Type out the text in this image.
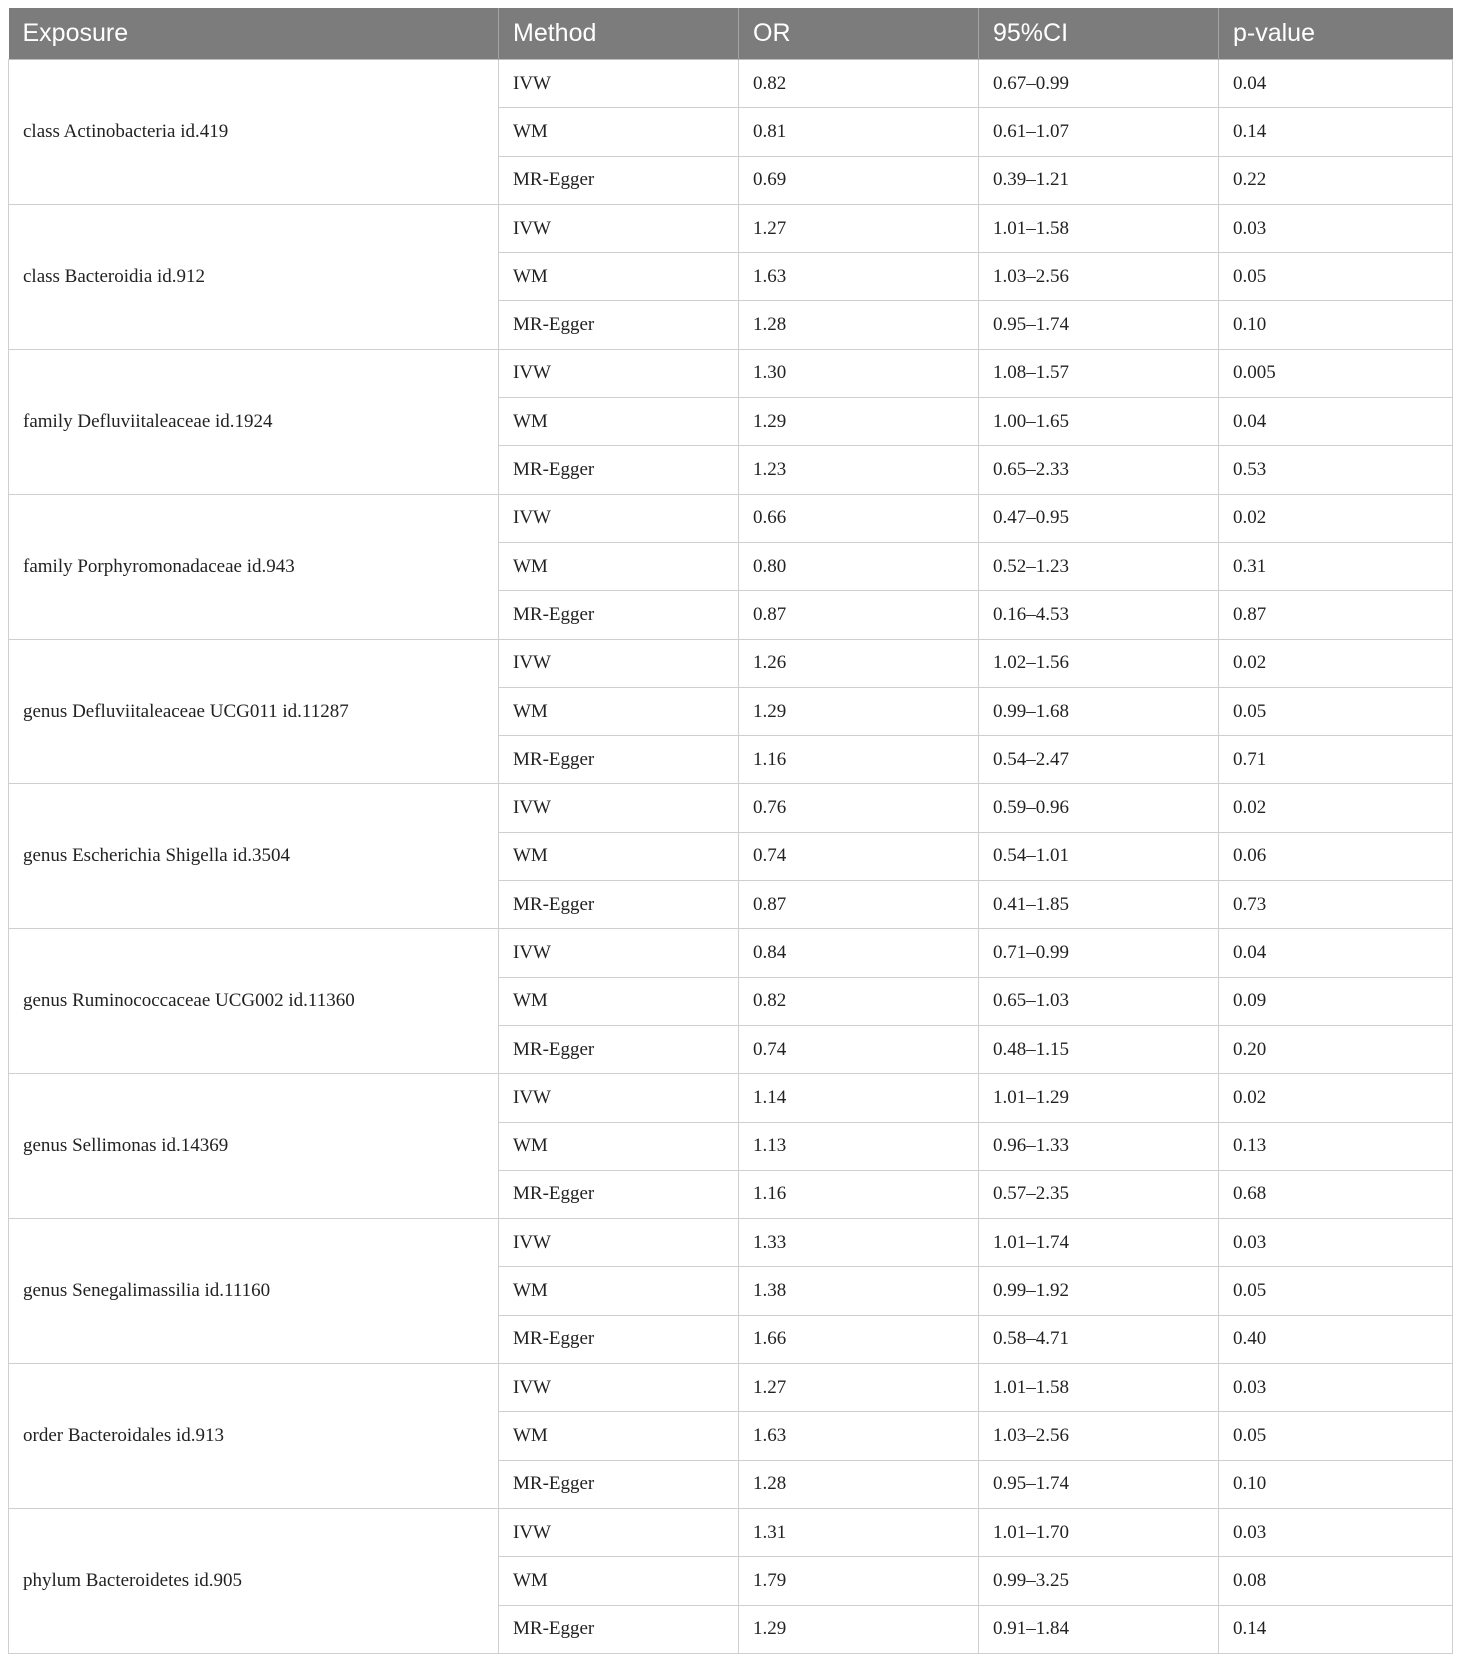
Exposure	Method	OR	95%CI	p-value
class Actinobacteria id.419	IVW	0.82	0.67–0.99	0.04
	WM	0.81	0.61–1.07	0.14
	MR-Egger	0.69	0.39–1.21	0.22
class Bacteroidia id.912	IVW	1.27	1.01–1.58	0.03
	WM	1.63	1.03–2.56	0.05
	MR-Egger	1.28	0.95–1.74	0.10
family Defluviitaleaceae id.1924	IVW	1.30	1.08–1.57	0.005
	WM	1.29	1.00–1.65	0.04
	MR-Egger	1.23	0.65–2.33	0.53
family Porphyromonadaceae id.943	IVW	0.66	0.47–0.95	0.02
	WM	0.80	0.52–1.23	0.31
	MR-Egger	0.87	0.16–4.53	0.87
genus Defluviitaleaceae UCG011 id.11287	IVW	1.26	1.02–1.56	0.02
	WM	1.29	0.99–1.68	0.05
	MR-Egger	1.16	0.54–2.47	0.71
genus Escherichia Shigella id.3504	IVW	0.76	0.59–0.96	0.02
	WM	0.74	0.54–1.01	0.06
	MR-Egger	0.87	0.41–1.85	0.73
genus Ruminococcaceae UCG002 id.11360	IVW	0.84	0.71–0.99	0.04
	WM	0.82	0.65–1.03	0.09
	MR-Egger	0.74	0.48–1.15	0.20
genus Sellimonas id.14369	IVW	1.14	1.01–1.29	0.02
	WM	1.13	0.96–1.33	0.13
	MR-Egger	1.16	0.57–2.35	0.68
genus Senegalimassilia id.11160	IVW	1.33	1.01–1.74	0.03
	WM	1.38	0.99–1.92	0.05
	MR-Egger	1.66	0.58–4.71	0.40
order Bacteroidales id.913	IVW	1.27	1.01–1.58	0.03
	WM	1.63	1.03–2.56	0.05
	MR-Egger	1.28	0.95–1.74	0.10
phylum Bacteroidetes id.905	IVW	1.31	1.01–1.70	0.03
	WM	1.79	0.99–3.25	0.08
	MR-Egger	1.29	0.91–1.84	0.14
